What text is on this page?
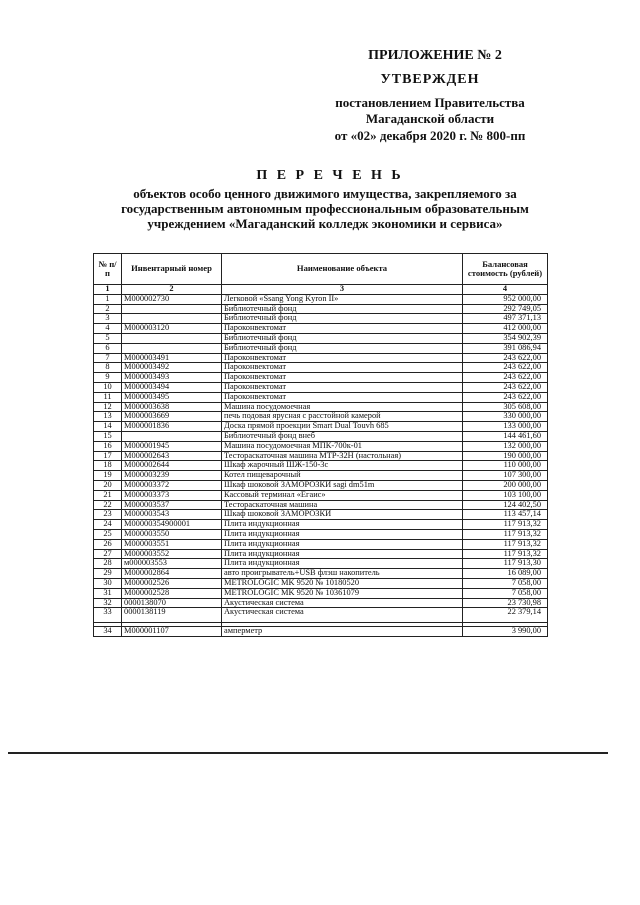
ПРИЛОЖЕНИЕ № 2
УТВЕРЖДЕН
постановлением Правительства
Магаданской области
от «02» декабря 2020 г. № 800-пп
П Е Р Е Ч Е Н Ь
объектов особо ценного движимого имущества, закрепляемого за государственным автономным профессиональным образовательным учреждением «Магаданский колледж экономики и сервиса»
№ п/п	Инвентарный номер	Наименование объекта	Балансовая стоимость (рублей)
1	2	3	4
1	М000002730	Легковой «Ssang Yong Kyron II»	952 000,00
2		Библиотечный фонд	292 749,05
3		Библиотечный фонд	497 371,13
4	М000003120	Пароконвектомат	412 000,00
5		Библиотечный фонд	354 902,39
6		Библиотечный фонд	391 086,94
7	М000003491	Пароконвектомат	243 622,00
8	М000003492	Пароконвектомат	243 622,00
9	М000003493	Пароконвектомат	243 622,00
10	М000003494	Пароконвектомат	243 622,00
11	М000003495	Пароконвектомат	243 622,00
12	М000003638	Машина посудомоечная	305 608,00
13	М000003669	печь подовая ярусная с расстойной камерой	330 000,00
14	М000001836	Доска прямой проекции Smart Dual Touvh 685	133 000,00
15		Библиотечный фонд внеб	144 461,60
16	М000001945	Машина посудомоечная МПК-700к-01	132 000,00
17	М000002643	Тестораскаточная машина МТР-32Н (настольная)	190 000,00
18	М000002644	Шкаф жарочный ШЖ-150-3с	110 000,00
19	М000003239	Котел пищеварочный	107 300,00
20	М000003372	Шкаф шоковой ЗАМОРОЗКИ sagi dm51m	200 000,00
21	М000003373	Кассовый терминал «Егаис»	103 100,00
22	М000003537	Тестораскаточная машина	124 402,50
23	М000003543	Шкаф шоковой ЗАМОРОЗКИ	113 457,14
24	М00000354900001	Плита индукционная	117 913,32
25	М000003550	Плита индукционная	117 913,32
26	М000003551	Плита индукционная	117 913,32
27	М000003552	Плита индукционная	117 913,32
28	м000003553	Плита индукционная	117 913,30
29	М000002864	авто проигрыватель+USB флэш накопитель	16 089,00
30	М000002526	METROLOGIC MK 9520 № 10180520	7 058,00
31	М000002528	METROLOGIC MK 9520 № 10361079	7 058,00
32	0000138070	Акустическая система	23 730,98
33	0000138119	Акустическая система	22 379,14

34	М000001107	амперметр	3 990,00
